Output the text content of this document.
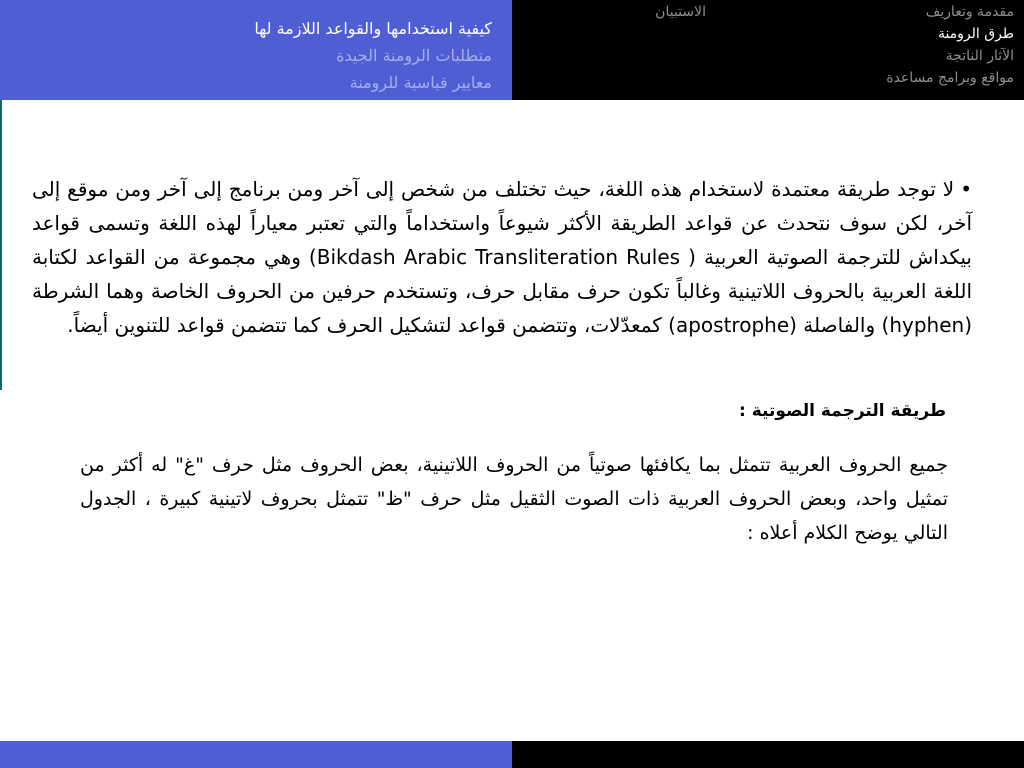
كيفية استخدامها والقواعد اللازمة لها
متطلبات الرومنة الجيدة
معايير قياسية للرومنة
مقدمة وتعاريف
طرق الرومنة
الآثار الناتجة
مواقع وبرامج مساعدة
الاستبيان

•لا توجد طريقة معتمدة لاستخدام هذه اللغة، حيث تختلف من شخص إلى آخر ومن برنامج إلى آخر ومن موقع إلى آخر، لكن سوف نتحدث عن قواعد الطريقة الأكثر شيوعاً واستخداماً والتي تعتبر معياراً لهذه اللغة وتسمى قواعد بيكداش للترجمة الصوتية العربية ( Bikdash Arabic Transliteration Rules) وهي مجموعة من القواعد لكتابة اللغة العربية بالحروف اللاتينية وغالباً تكون حرف مقابل حرف، وتستخدم حرفين من الحروف الخاصة وهما الشرطة (hyphen) والفاصلة (apostrophe) كمعدّلات، وتتضمن قواعد لتشكيل الحرف كما تتضمن قواعد للتنوين أيضاً.

طريقة الترجمة الصوتية :

جميع الحروف العربية تتمثل بما يكافئها صوتياً من الحروف اللاتينية، بعض الحروف مثل حرف "غ" له أكثر من تمثيل واحد، وبعض الحروف العربية ذات الصوت الثقيل مثل حرف "ظ" تتمثل بحروف لاتينية كبيرة ، الجدول التالي يوضح الكلام أعلاه :
